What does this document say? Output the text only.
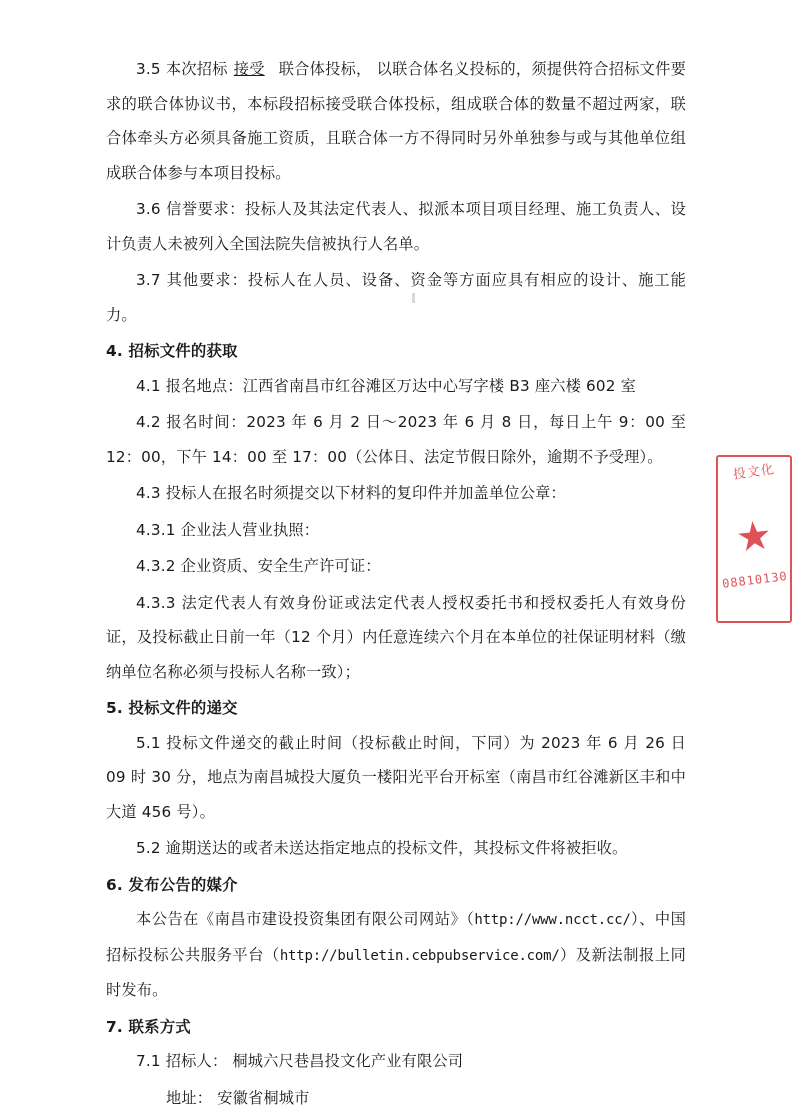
3.5 本次招标 接受 联合体投标， 以联合体名义投标的，须提供符合招标文件要求的联合体协议书，本标段招标接受联合体投标，组成联合体的数量不超过两家，联合体牵头方必须具备施工资质，且联合体一方不得同时另外单独参与或与其他单位组成联合体参与本项目投标。

3.6 信誉要求：投标人及其法定代表人、拟派本项目项目经理、施工负责人、设计负责人未被列入全国法院失信被执行人名单。

3.7 其他要求：投标人在人员、设备、资金等方面应具有相应的设计、施工能力。

4. 招标文件的获取

4.1 报名地点：江西省南昌市红谷滩区万达中心写字楼 B3 座六楼 602 室

4.2 报名时间：2023 年 6 月 2 日～2023 年 6 月 8 日，每日上午 9：00 至 12：00，下午 14：00 至 17：00（公体日、法定节假日除外，逾期不予受理）。

4.3 投标人在报名时须提交以下材料的复印件并加盖单位公章：

4.3.1 企业法人营业执照：

4.3.2 企业资质、安全生产许可证：

4.3.3 法定代表人有效身份证或法定代表人授权委托书和授权委托人有效身份证，及投标截止日前一年（12 个月）内任意连续六个月在本单位的社保证明材料（缴纳单位名称必须与投标人名称一致）；

5. 投标文件的递交

5.1 投标文件递交的截止时间（投标截止时间，下同）为 2023 年 6 月 26 日 09 时 30 分，地点为南昌城投大厦负一楼阳光平台开标室（南昌市红谷滩新区丰和中大道 456 号）。

5.2 逾期送达的或者未送达指定地点的投标文件，其投标文件将被拒收。

6. 发布公告的媒介

本公告在《南昌市建设投资集团有限公司网站》（http://www.ncct.cc/）、中国招标投标公共服务平台（http://bulletin.cebpubservice.com/）及新法制报上同时发布。

7. 联系方式

7.1 招标人： 桐城六尺巷昌投文化产业有限公司

地址： 安徽省桐城市

投文化
★
08810130
